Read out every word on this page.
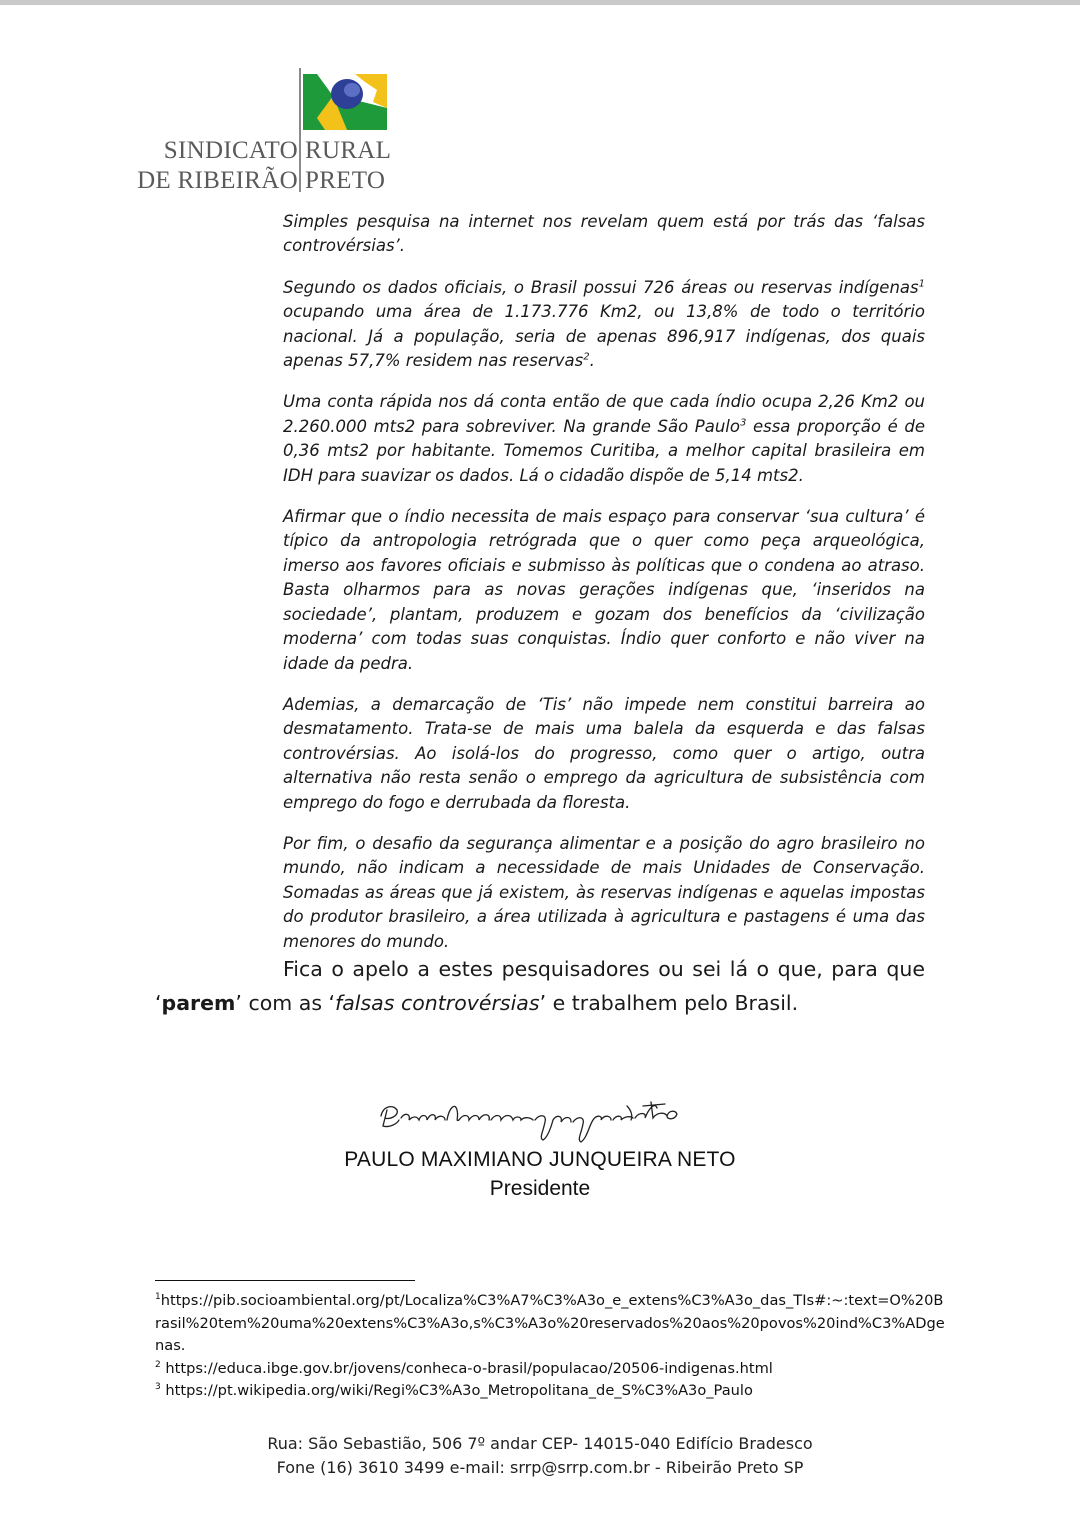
SINDICATO
DE RIBEIRÃO
RURAL
PRETO

Simples pesquisa na internet nos revelam quem está por trás das ‘falsas controvérsias’.

Segundo os dados oficiais, o Brasil possui 726 áreas ou reservas indígenas$^1$ ocupando uma área de 1.173.776 Km2, ou 13,8% de todo o território nacional. Já a população, seria de apenas 896,917 indígenas, dos quais apenas 57,7% residem nas reservas$^2$.

Uma conta rápida nos dá conta então de que cada índio ocupa 2,26 Km2 ou 2.260.000 mts2 para sobreviver. Na grande São Paulo$^3$ essa proporção é de 0,36 mts2 por habitante. Tomemos Curitiba, a melhor capital brasileira em IDH para suavizar os dados. Lá o cidadão dispõe de 5,14 mts2.

Afirmar que o índio necessita de mais espaço para conservar ‘sua cultura’ é típico da antropologia retrógrada que o quer como peça arqueológica, imerso aos favores oficiais e submisso às políticas que o condena ao atraso. Basta olharmos para as novas gerações indígenas que, ‘inseridos na sociedade’, plantam, produzem e gozam dos benefícios da ‘civilização moderna’ com todas suas conquistas. Índio quer conforto e não viver na idade da pedra.

Ademias, a demarcação de ‘Tis’ não impede nem constitui barreira ao desmatamento. Trata-se de mais uma balela da esquerda e das falsas controvérsias. Ao isolá-los do progresso, como quer o artigo, outra alternativa não resta senão o emprego da agricultura de subsistência com emprego do fogo e derrubada da floresta.

Por fim, o desafio da segurança alimentar e a posição do agro brasileiro no mundo, não indicam a necessidade de mais Unidades de Conservação. Somadas as áreas que já existem, às reservas indígenas e aquelas impostas do produtor brasileiro, a área utilizada à agricultura e pastagens é uma das menores do mundo.

Fica o apelo a estes pesquisadores ou sei lá o que, para que ‘parem’ com as ‘falsas controvérsias’ e trabalhem pelo Brasil.
PAULO MAXIMIANO JUNQUEIRA NETO
Presidente
$^1$https://pib.socioambiental.org/pt/Localiza%C3%A7%C3%A3o_e_extens%C3%A3o_das_TIs#:~:text=O%20Brasil%20tem%20uma%20extens%C3%A3o,s%C3%A3o%20reservados%20aos%20povos%20ind%C3%ADgenas.
$^2$ https://educa.ibge.gov.br/jovens/conheca-o-brasil/populacao/20506-indigenas.html
$^3$ https://pt.wikipedia.org/wiki/Regi%C3%A3o_Metropolitana_de_S%C3%A3o_Paulo
Rua: São Sebastião, 506 7º andar CEP- 14015-040 Edifício Bradesco
Fone (16) 3610 3499 e-mail: srrp@srrp.com.br - Ribeirão Preto SP
